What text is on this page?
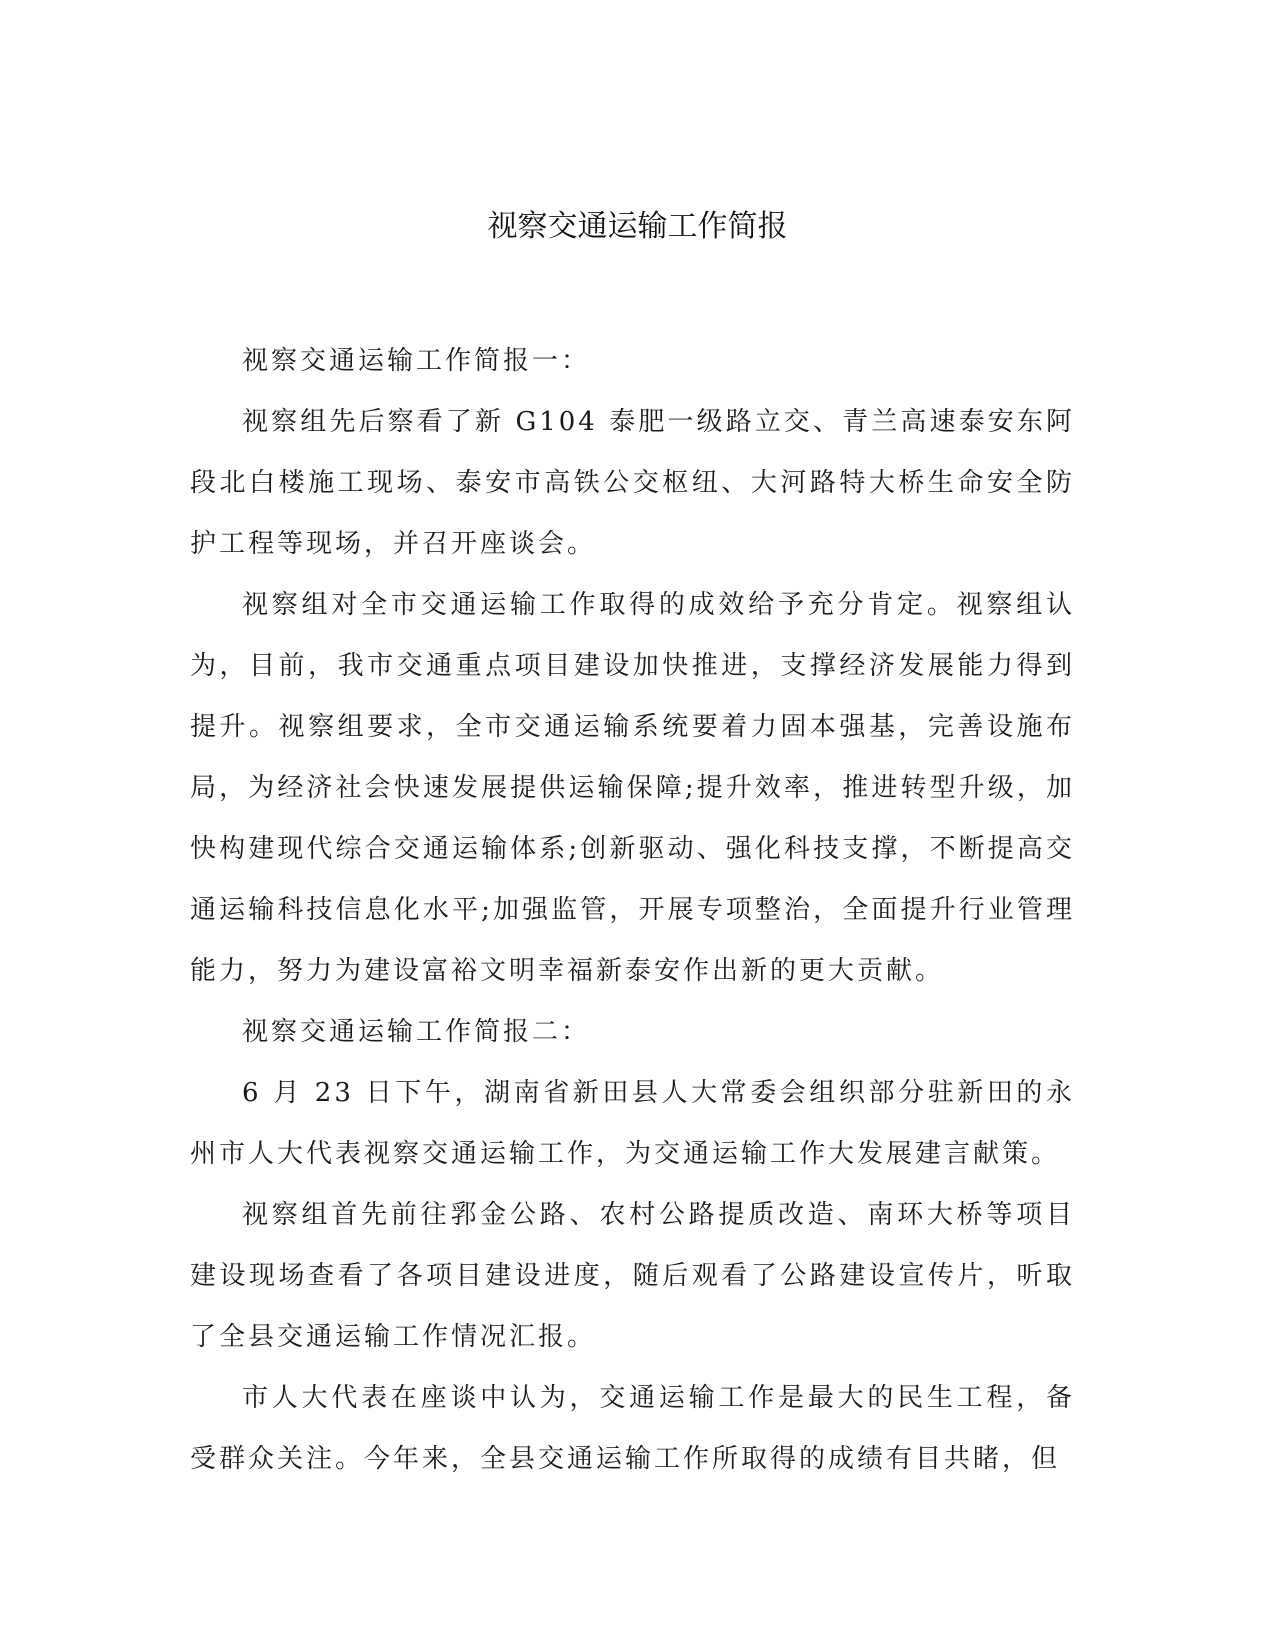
视察交通运输工作简报

视察交通运输工作简报一：

视察组先后察看了新 G104 泰肥一级路立交、青兰高速泰安东阿段北白楼施工现场、泰安市高铁公交枢纽、大河路特大桥生命安全防护工程等现场，并召开座谈会。

视察组对全市交通运输工作取得的成效给予充分肯定。视察组认为，目前，我市交通重点项目建设加快推进，支撑经济发展能力得到提升。视察组要求，全市交通运输系统要着力固本强基，完善设施布局，为经济社会快速发展提供运输保障;提升效率，推进转型升级，加快构建现代综合交通运输体系;创新驱动、强化科技支撑，不断提高交通运输科技信息化水平;加强监管，开展专项整治，全面提升行业管理能力，努力为建设富裕文明幸福新泰安作出新的更大贡献。

视察交通运输工作简报二：

6 月 23 日下午，湖南省新田县人大常委会组织部分驻新田的永州市人大代表视察交通运输工作，为交通运输工作大发展建言献策。

视察组首先前往郛金公路、农村公路提质改造、南环大桥等项目建设现场查看了各项目建设进度，随后观看了公路建设宣传片，听取了全县交通运输工作情况汇报。

市人大代表在座谈中认为，交通运输工作是最大的民生工程，备受群众关注。今年来，全县交通运输工作所取得的成绩有目共睹，但
